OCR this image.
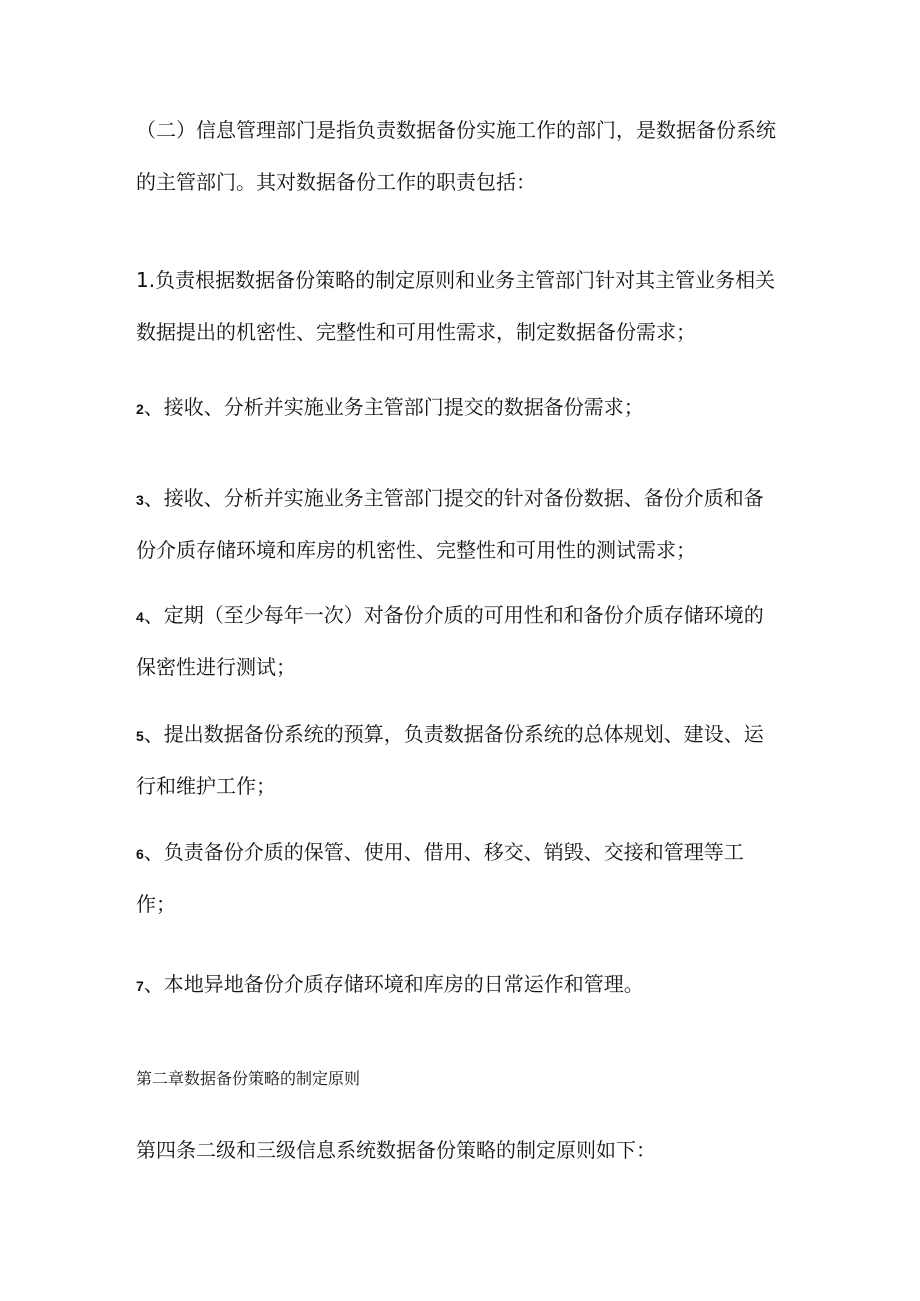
（二）信息管理部门是指负责数据备份实施工作的部门，是数据备份系统
的主管部门。其对数据备份工作的职责包括：

1.负责根据数据备份策略的制定原则和业务主管部门针对其主管业务相关
数据提出的机密性、完整性和可用性需求，制定数据备份需求；

2、接收、分析并实施业务主管部门提交的数据备份需求；

3、接收、分析并实施业务主管部门提交的针对备份数据、备份介质和备
份介质存储环境和库房的机密性、完整性和可用性的测试需求；

4、定期（至少每年一次）对备份介质的可用性和和备份介质存储环境的
保密性进行测试；

5、提出数据备份系统的预算，负责数据备份系统的总体规划、建设、运
行和维护工作；

6、负责备份介质的保管、使用、借用、移交、销毁、交接和管理等工
作；

7、本地异地备份介质存储环境和库房的日常运作和管理。

第二章数据备份策略的制定原则

第四条二级和三级信息系统数据备份策略的制定原则如下：
